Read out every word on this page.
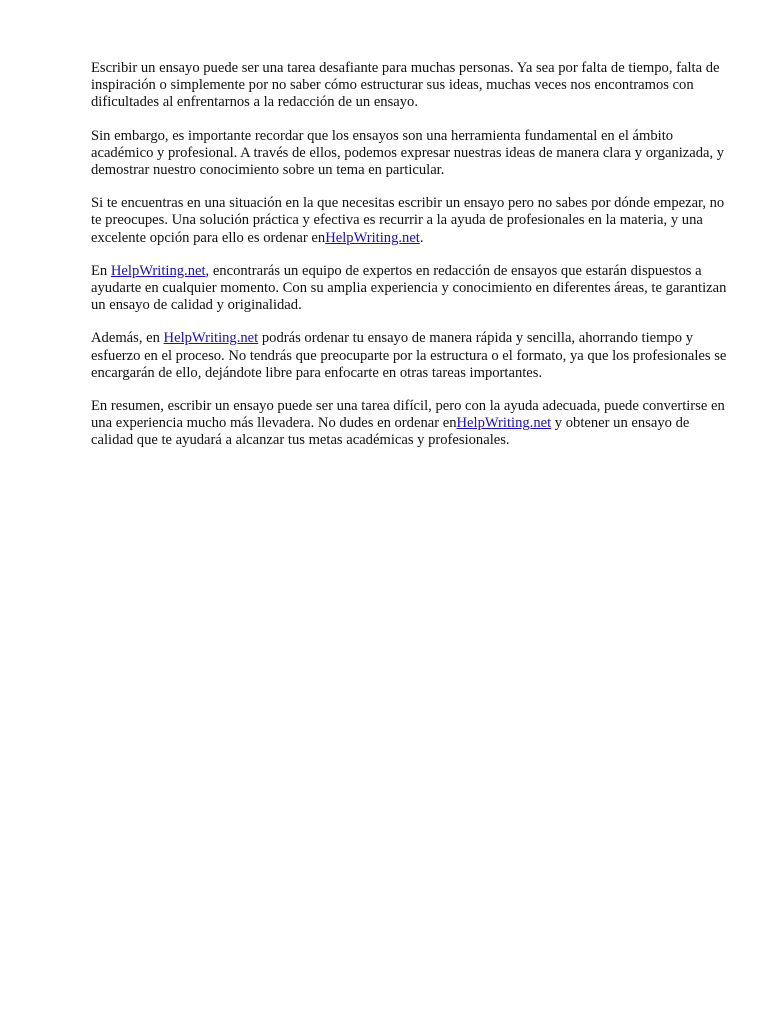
Escribir un ensayo puede ser una tarea desafiante para muchas personas. Ya sea por falta de tiempo, falta de inspiración o simplemente por no saber cómo estructurar sus ideas, muchas veces nos encontramos con dificultades al enfrentarnos a la redacción de un ensayo.

Sin embargo, es importante recordar que los ensayos son una herramienta fundamental en el ámbito académico y profesional. A través de ellos, podemos expresar nuestras ideas de manera clara y organizada, y demostrar nuestro conocimiento sobre un tema en particular.

Si te encuentras en una situación en la que necesitas escribir un ensayo pero no sabes por dónde empezar, no te preocupes. Una solución práctica y efectiva es recurrir a la ayuda de profesionales en la materia, y una excelente opción para ello es ordenar enHelpWriting.net.

En HelpWriting.net, encontrarás un equipo de expertos en redacción de ensayos que estarán dispuestos a ayudarte en cualquier momento. Con su amplia experiencia y conocimiento en diferentes áreas, te garantizan un ensayo de calidad y originalidad.

Además, en HelpWriting.net podrás ordenar tu ensayo de manera rápida y sencilla, ahorrando tiempo y esfuerzo en el proceso. No tendrás que preocuparte por la estructura o el formato, ya que los profesionales se encargarán de ello, dejándote libre para enfocarte en otras tareas importantes.

En resumen, escribir un ensayo puede ser una tarea difícil, pero con la ayuda adecuada, puede convertirse en una experiencia mucho más llevadera. No dudes en ordenar enHelpWriting.net y obtener un ensayo de calidad que te ayudará a alcanzar tus metas académicas y profesionales.
